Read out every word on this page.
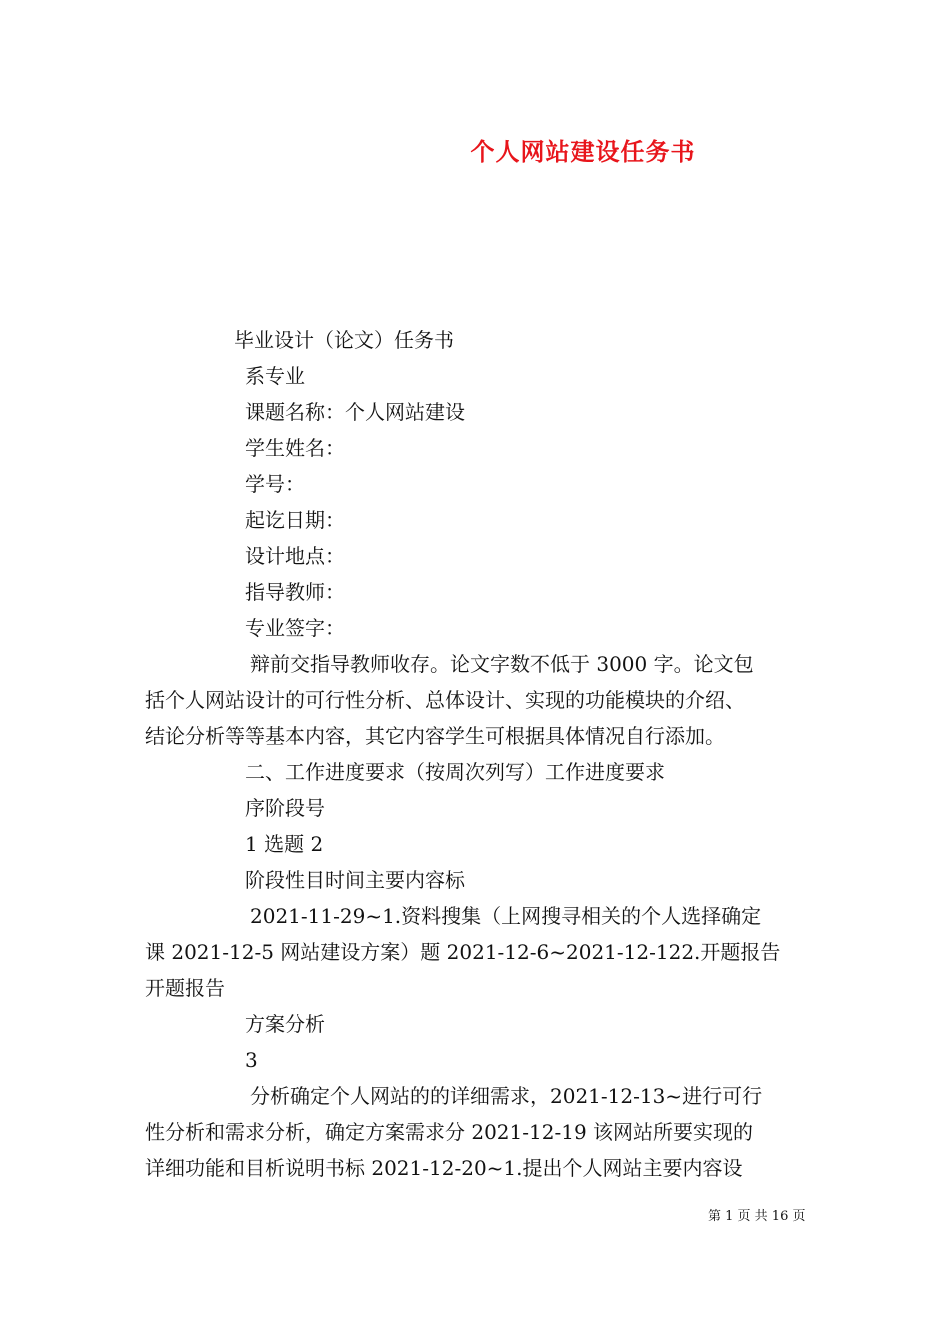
个人网站建设任务书
毕业设计（论文）任务书
系专业
课题名称：个人网站建设
学生姓名：
学号：
起讫日期：
设计地点：
指导教师：
专业签字：
辩前交指导教师收存。论文字数不低于 3000 字。论文包
括个人网站设计的可行性分析、总体设计、实现的功能模块的介绍、
结论分析等等基本内容，其它内容学生可根据具体情况自行添加。
二、工作进度要求（按周次列写）工作进度要求
序阶段号
1 选题 2
阶段性目时间主要内容标
2021-11-29~1.资料搜集（上网搜寻相关的个人选择确定
课 2021-12-5 网站建设方案）题 2021-12-6~2021-12-122.开题报告
开题报告
方案分析
3
分析确定个人网站的的详细需求，2021-12-13~进行可行
性分析和需求分析，确定方案需求分 2021-12-19 该网站所要实现的
详细功能和目析说明书标 2021-12-20~1.提出个人网站主要内容设
第 1 页 共 16 页
